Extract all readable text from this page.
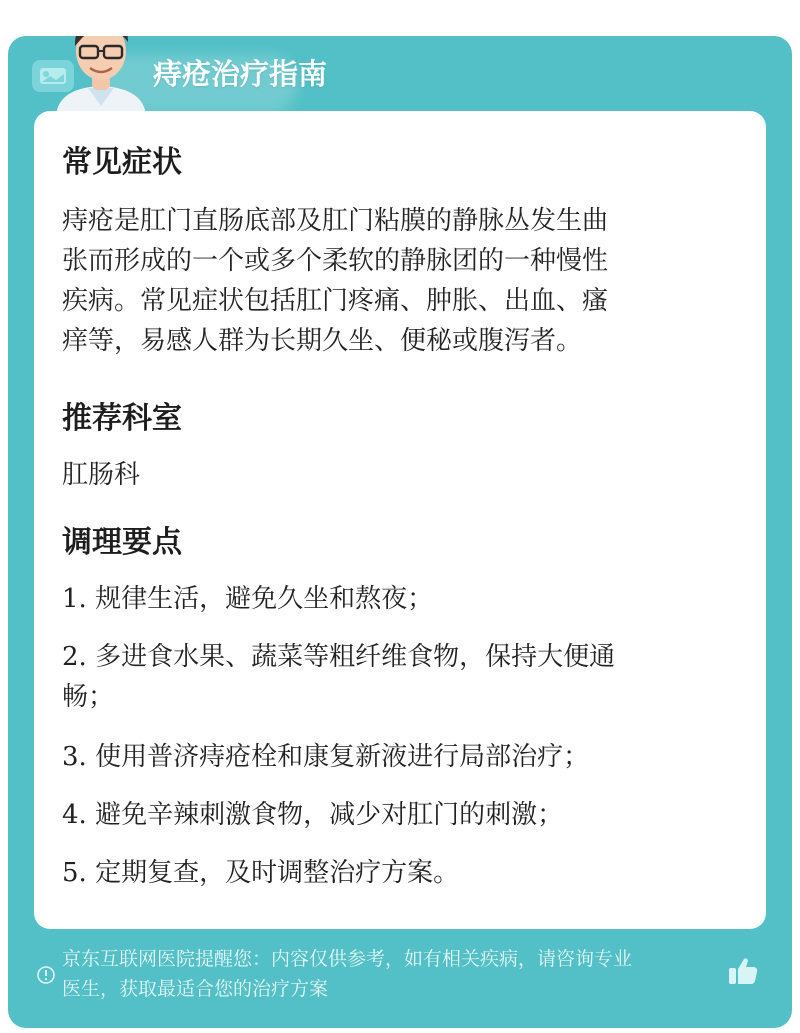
痔疮治疗指南
常见症状
痔疮是肛门直肠底部及肛门粘膜的静脉丛发生曲
张而形成的一个或多个柔软的静脉团的一种慢性
疾病。常见症状包括肛门疼痛、肿胀、出血、瘙
痒等，易感人群为长期久坐、便秘或腹泻者。
推荐科室
肛肠科
调理要点
1. 规律生活，避免久坐和熬夜；
2. 多进食水果、蔬菜等粗纤维食物，保持大便通
畅；
3. 使用普济痔疮栓和康复新液进行局部治疗；
4. 避免辛辣刺激食物，减少对肛门的刺激；
5. 定期复查，及时调整治疗方案。
京东互联网医院提醒您：内容仅供参考，如有相关疾病，请咨询专业
医生，获取最适合您的治疗方案
